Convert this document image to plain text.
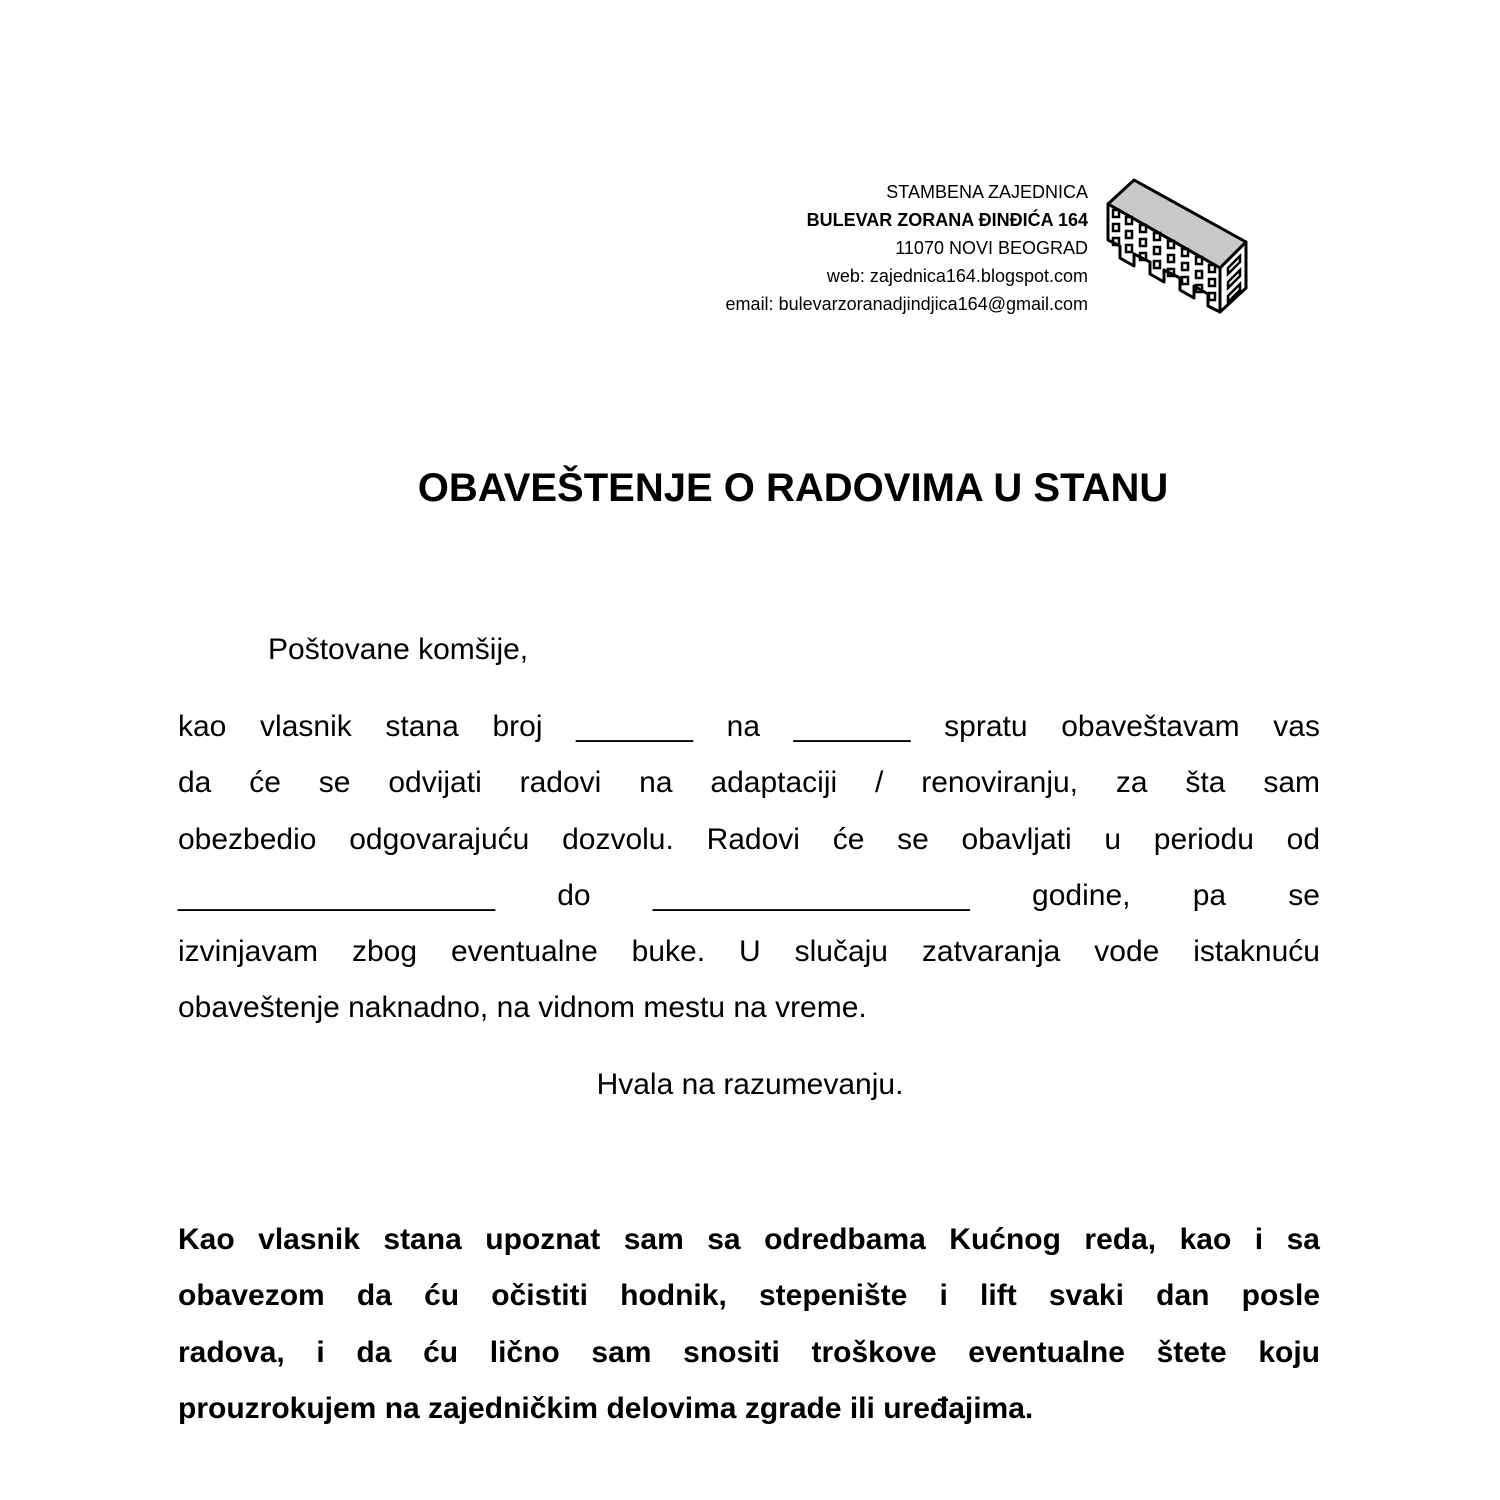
STAMBENA ZAJEDNICA
BULEVAR ZORANA ĐINĐIĆA 164
11070 NOVI BEOGRAD
web: zajednica164.blogspot.com
email: bulevarzoranadjindjica164@gmail.com
OBAVEŠTENJE O RADOVIMA U STANU
Poštovane komšije,
kao vlasnik stana broj _______ na _______ spratu obaveštavam vas
da će se odvijati radovi na adaptaciji / renoviranju, za šta sam
obezbedio odgovarajuću dozvolu. Radovi će se obavljati u periodu od
___________________ do ___________________ godine, pa se
izvinjavam zbog eventualne buke. U slučaju zatvaranja vode istaknuću
obaveštenje naknadno, na vidnom mestu na vreme.
Hvala na razumevanju.
Kao vlasnik stana upoznat sam sa odredbama Kućnog reda, kao i sa
obavezom da ću očistiti hodnik, stepenište i lift svaki dan posle
radova, i da ću lično sam snositi troškove eventualne štete koju
prouzrokujem na zajedničkim delovima zgrade ili uređajima.
